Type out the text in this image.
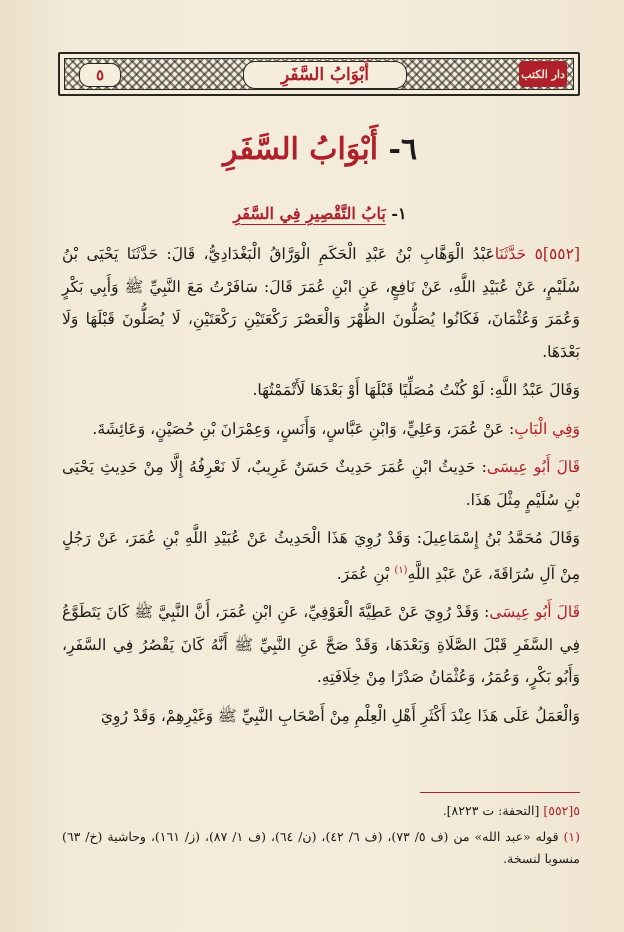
٥	أَبْوَابُ السَّفَرِ	دار الكتب
٦- أَبْوَابُ السَّفَرِ
١- بَابُ التَّقْصِيرِ فِي السَّفَرِ

[٥٥٢]٥ حَدَّثَنَاعَبْدُ الْوَهَّابِ بْنُ عَبْدِ الْحَكَمِ الْوَرَّاقُ الْبَغْدَادِيُّ، قَالَ: حَدَّثَنَا يَحْيَى بْنُ سُلَيْمٍ، عَنْ عُبَيْدِ اللَّهِ، عَنْ نَافِعٍ، عَنِ ابْنِ عُمَرَ قَالَ: سَافَرْتُ مَعَ النَّبِيِّ ﷺ وَأَبِي بَكْرٍ وَعُمَرَ وَعُثْمَانَ، فَكَانُوا يُصَلُّونَ الظُّهْرَ وَالْعَصْرَ رَكْعَتَيْنِ رَكْعَتَيْنِ، لَا يُصَلُّونَ قَبْلَهَا وَلَا بَعْدَهَا.

وَقَالَ عَبْدُ اللَّهِ: لَوْ كُنْتُ مُصَلِّيًا قَبْلَهَا أَوْ بَعْدَهَا لَأَتْمَمْتُهَا.

وَفِي الْبَابِ: عَنْ عُمَرَ، وَعَلِيٍّ، وَابْنِ عَبَّاسٍ، وَأَنَسٍ، وَعِمْرَانَ بْنِ حُصَيْنٍ، وَعَائِشَةَ.

قَالَ أَبُو عِيسَى: حَدِيثُ ابْنِ عُمَرَ حَدِيثٌ حَسَنٌ غَرِيبٌ، لَا نَعْرِفُهُ إِلَّا مِنْ حَدِيثِ يَحْيَى بْنِ سُلَيْمٍ مِثْلَ هَذَا.

وَقَالَ مُحَمَّدُ بْنُ إِسْمَاعِيلَ: وَقَدْ رُوِيَ هَذَا الْحَدِيثُ عَنْ عُبَيْدِ اللَّهِ بْنِ عُمَرَ، عَنْ رَجُلٍ مِنْ آلِ سُرَاقَةَ، عَنْ عَبْدِ اللَّهِ$^{(١)}$ بْنِ عُمَرَ.

قَالَ أَبُو عِيسَى: وَقَدْ رُوِيَ عَنْ عَطِيَّةَ الْعَوْفِيِّ، عَنِ ابْنِ عُمَرَ، أَنَّ النَّبِيَّ ﷺ كَانَ يَتَطَوَّعُ فِي السَّفَرِ قَبْلَ الصَّلَاةِ وَبَعْدَهَا، وَقَدْ صَحَّ عَنِ النَّبِيِّ ﷺ أَنَّهُ كَانَ يَقْصُرُ فِي السَّفَرِ، وَأَبُو بَكْرٍ، وَعُمَرُ، وَعُثْمَانُ صَدْرًا مِنْ خِلَافَتِهِ.

وَالْعَمَلُ عَلَى هَذَا عِنْدَ أَكْثَرِ أَهْلِ الْعِلْمِ مِنْ أَصْحَابِ النَّبِيِّ ﷺ وَغَيْرِهِمْ، وَقَدْ رُوِيَ

٥[٥٥٢] [التحفة: ت ٨٢٢٣].

(١) قوله «عبد الله» من (ف ٥/ ٧٣)، (ف ٦/ ٤٢)، (ن/ ٦٤)، (ف ١/ ٨٧)، (ز/ ١٦١)، وحاشية (خ/ ٦٣) منسوبا لنسخة.
